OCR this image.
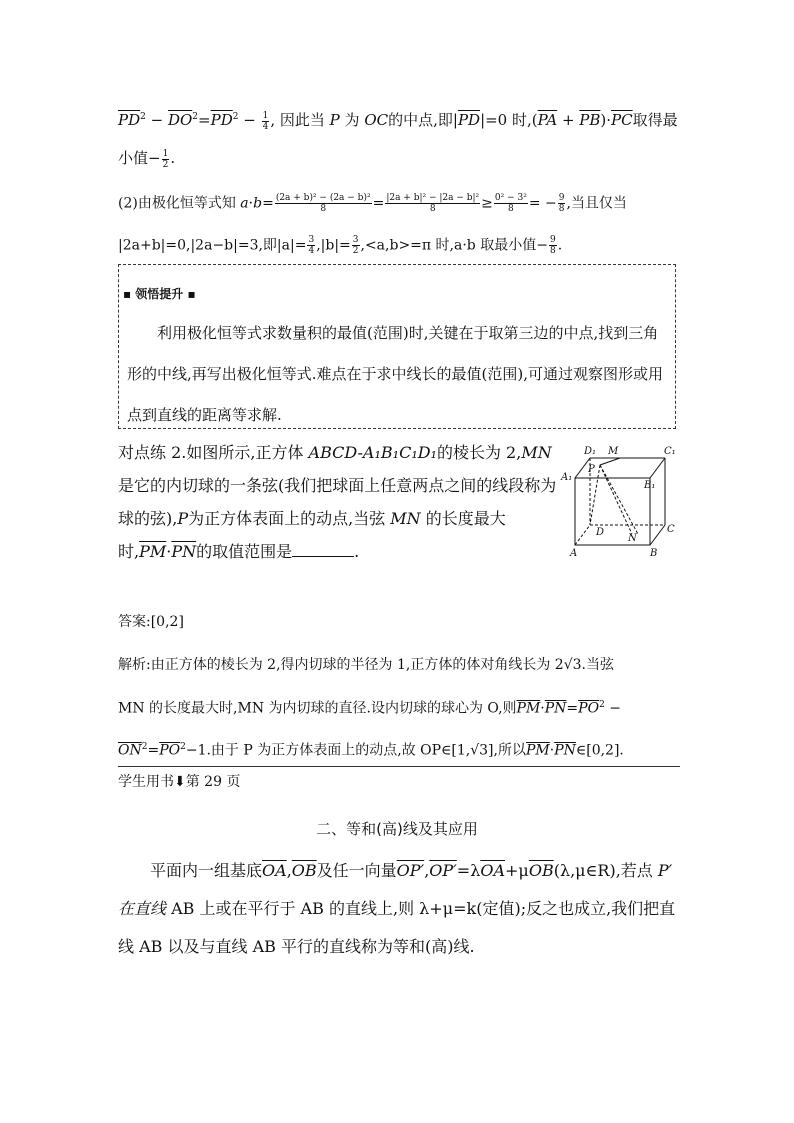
$\overline{PD}^2 - \overline{DO}^2=\overline{PD}^2 - \frac{1}{4}$ , 因此当 P 为 OC的中点,即$|\overline{PD}|=0$ 时$,(\overline{PA} + \overline{PB})\cdot\overline{PC}$取得最
小值− $\frac{1}{2}$ .
(2)由极化恒等式知 $a\cdot b= \frac{\text{(2a + b)² − (2a − b)²}}{8} = \frac{\text{|2a + b|² − |2a − b|²}}{8} \ge \frac{\text{0² − 3²}}{8}$ = − $\frac{9}{8}$ ,当且仅当
|2a+b|=0,|2a−b|=3,即$|a|= \frac{3}{4} ,|b|= \frac{3}{2} ,<a,b>=\pi$ 时,a·b 取最小值− $\frac{9}{8}$ .
▪ 领悟提升 ▪
利用极化恒等式求数量积的最值(范围)时,关键在于取第三边的中点,找到三角形的中线,再写出极化恒等式.难点在于求中线长的最值(范围),可通过观察图形或用点到直线的距离等求解.
对点练 2.如图所示,正方体 ABCD-A₁B₁C₁D₁的棱长为 2,MN是它的内切球的一条弦(我们把球面上任意两点之间的线段称为球的弦),P为正方体表面上的动点,当弦 MN 的长度最大时$,\overline{PM}\cdot\overline{PN}$的取值范围是	.
D₁ M	C₁
A₁
P
B₁
D
N
C
A	B
答案:[0,2]
解析:由正方体的棱长为 2,得内切球的半径为 1,正方体的体对角线长为 2√3.当弦
MN 的长度最大时,MN 为内切球的直径.设内切球的球心为 O,则$\overline{PM}\cdot\overline{PN}=\overline{PO}^2$ −
$\overline{ON}^2=\overline{PO}^2-1$.由于 P 为正方体表面上的动点,故 OP∈[1,√3],所以$\overline{PM}\cdot\overline{PN}\in[0,2]$.
学生用书⬇第 29 页
二、等和(高)线及其应用
平面内一组基底$\overline{OA},\overline{OB}$及任一向量$OP',OP'=\lambda\overline{OA}+\mu\overline{OB}(\lambda,\mu\in R)$,若点 P′在直线 AB 上或在平行于 AB 的直线上,则 λ+μ=k(定值);反之也成立,我们把直线 AB 以及与直线 AB 平行的直线称为等和(高)线.
